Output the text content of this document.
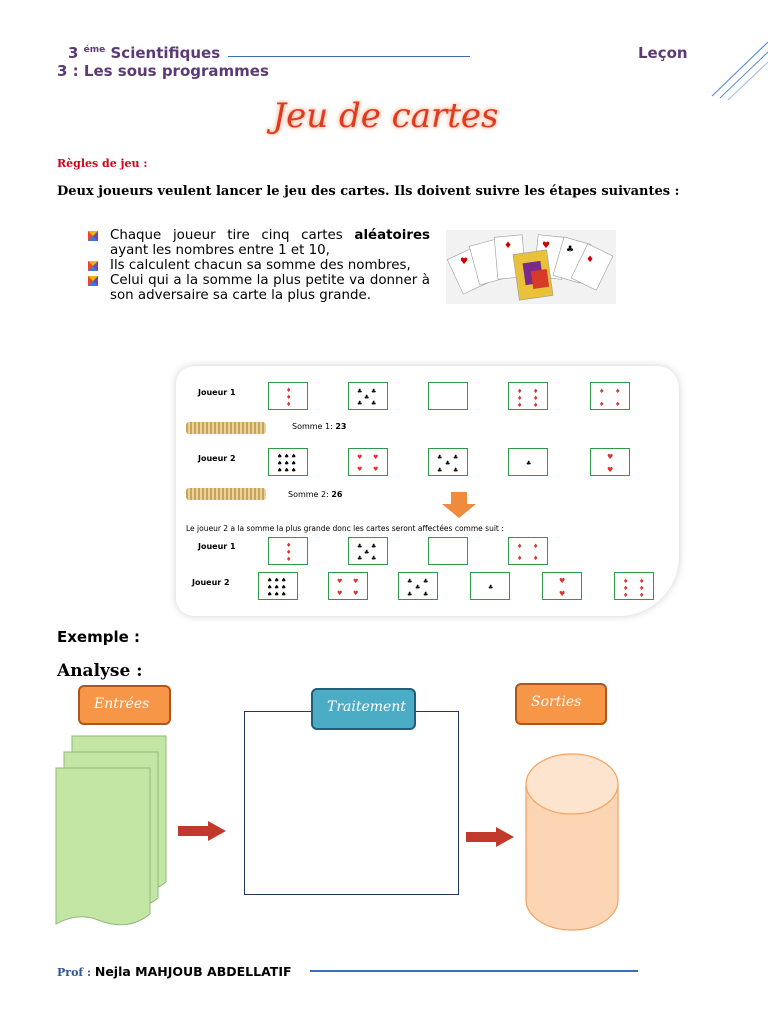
3 $^{éme}$ Scientifiques	Leçon
3 : Les sous programmes
Jeu de cartes
Règles de jeu :
Deux joueurs veulent lancer le jeu des cartes. Ils doivent suivre les étapes suivantes :
Chaque joueur tire cinq cartes aléatoires ayant les nombres entre 1 et 10,
Ils calculent chacun sa somme des nombres,
Celui qui a la somme la plus petite va donner à son adversaire sa carte la plus grande.
♥
♦	♥ ♣
♦
Joueur 1	♦
♦
♦
♣ ♣
♣
♣ ♣
♦ ♦
♦ ♦
♦ ♦
♦ ♦
♦ ♦
Somme 1: 23
Joueur 2	♠ ♠ ♠
♠ ♠ ♠
♠ ♠ ♠
♥ ♥
♥ ♥
♣ ♣
♣
♣ ♣
♣
♥
♥
Somme 2: 26
Le joueur 2 a la somme la plus grande donc les cartes seront affectées comme suit :
Joueur 1	♦
♦
♦
♣ ♣
♣
♣ ♣
♦ ♦
♦ ♦
Joueur 2	♠ ♠ ♠
♠ ♠ ♠
♠ ♠ ♠
♥ ♥
♥ ♥
♣ ♣
♣
♣ ♣
♣
♥
♥
♦ ♦
♦ ♦
♦ ♦
Exemple :
Analyse :
Entrées	Traitement	Sorties
Prof : Nejla MAHJOUB ABDELLATIF
